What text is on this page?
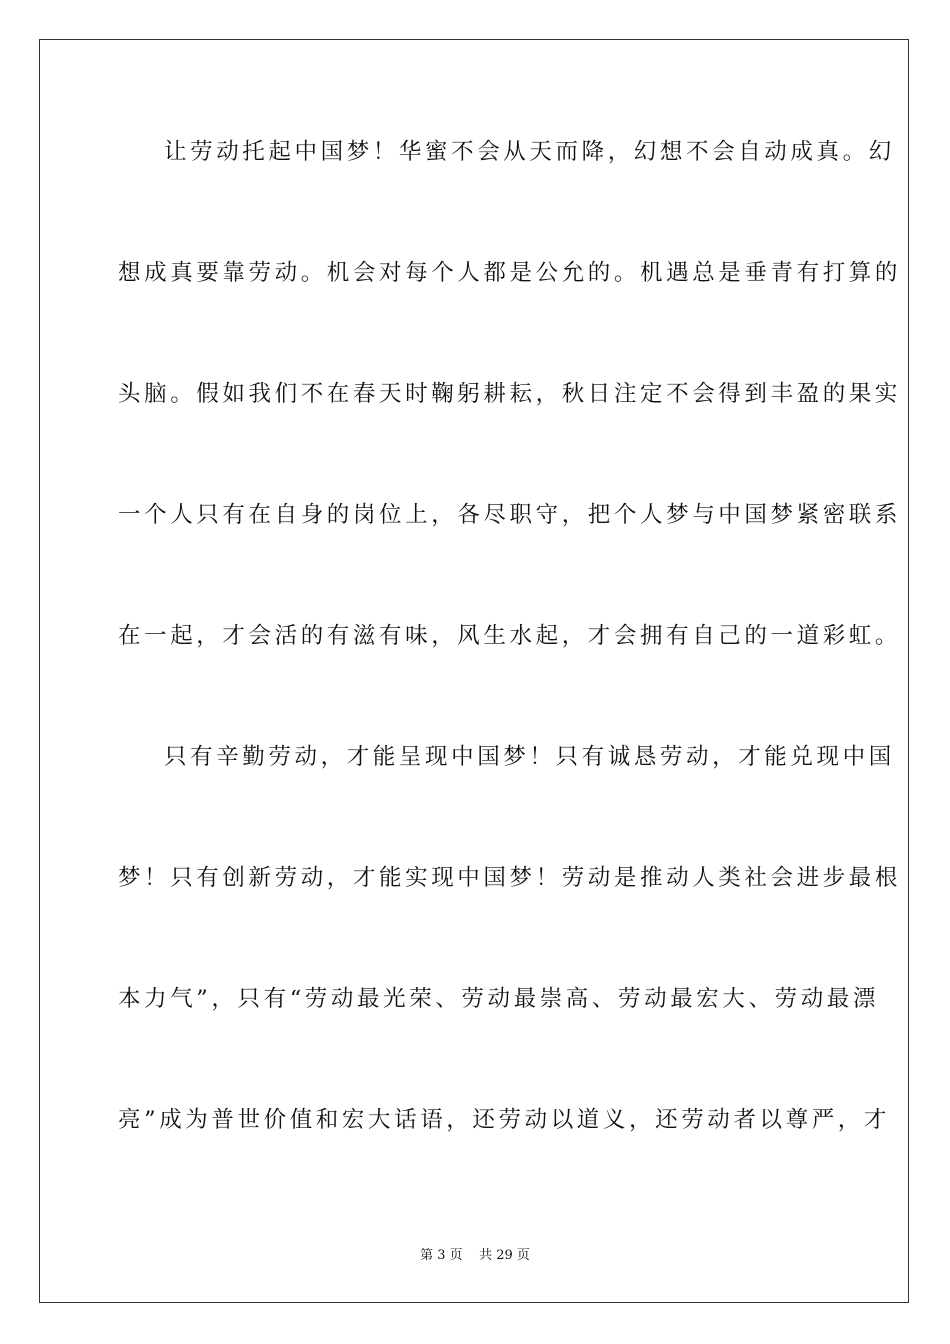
让劳动托起中国梦！华蜜不会从天而降，幻想不会自动成真。幻
想成真要靠劳动。机会对每个人都是公允的。机遇总是垂青有打算的
头脑。假如我们不在春天时鞠躬耕耘，秋日注定不会得到丰盈的果实
一个人只有在自身的岗位上，各尽职守，把个人梦与中国梦紧密联系
在一起，才会活的有滋有味，风生水起，才会拥有自己的一道彩虹。
只有辛勤劳动，才能呈现中国梦！只有诚恳劳动，才能兑现中国
梦！只有创新劳动，才能实现中国梦！劳动是推动人类社会进步最根
本力气”，只有“劳动最光荣、劳动最崇高、劳动最宏大、劳动最漂
亮”成为普世价值和宏大话语，还劳动以道义，还劳动者以尊严，才
第 3 页    共 29 页
